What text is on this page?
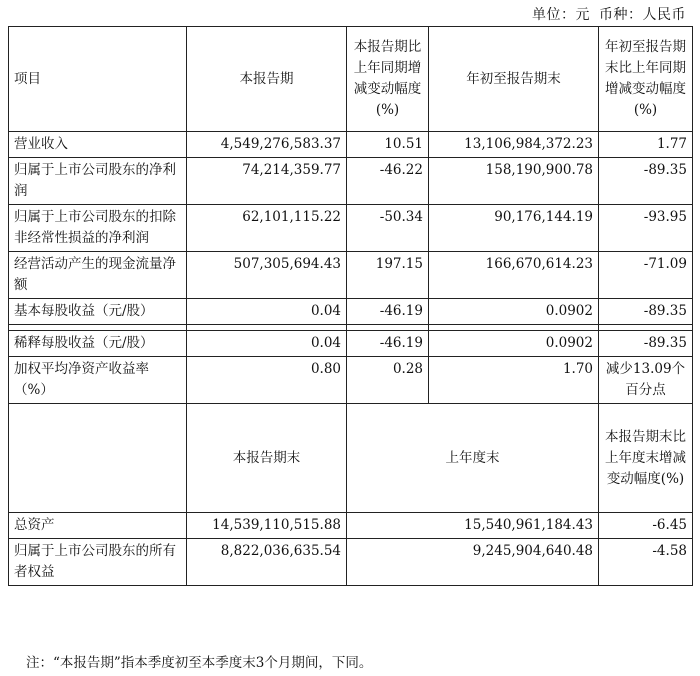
单位：元 币种：人民币
项目	本报告期	本报告期比上年同期增减变动幅度(%)	年初至报告期末	年初至报告期末比上年同期增减变动幅度(%)
营业收入	4,549,276,583.37	10.51	13,106,984,372.23	1.77
归属于上市公司股东的净利润	74,214,359.77	-46.22	158,190,900.78	-89.35
归属于上市公司股东的扣除非经常性损益的净利润	62,101,115.22	-50.34	90,176,144.19	-93.95
经营活动产生的现金流量净额	507,305,694.43	197.15	166,670,614.23	-71.09
基本每股收益（元/股）	0.04	-46.19	0.0902	-89.35

稀释每股收益（元/股）	0.04	-46.19	0.0902	-89.35
加权平均净资产收益率（%）	0.80	0.28	1.70	减少13.09个百分点
	本报告期末	上年度末		本报告期末比上年度末增减变动幅度(%)
总资产	14,539,110,515.88	15,540,961,184.43		-6.45
归属于上市公司股东的所有者权益	8,822,036,635.54	9,245,904,640.48		-4.58
注：“本报告期”指本季度初至本季度末3个月期间，下同。
